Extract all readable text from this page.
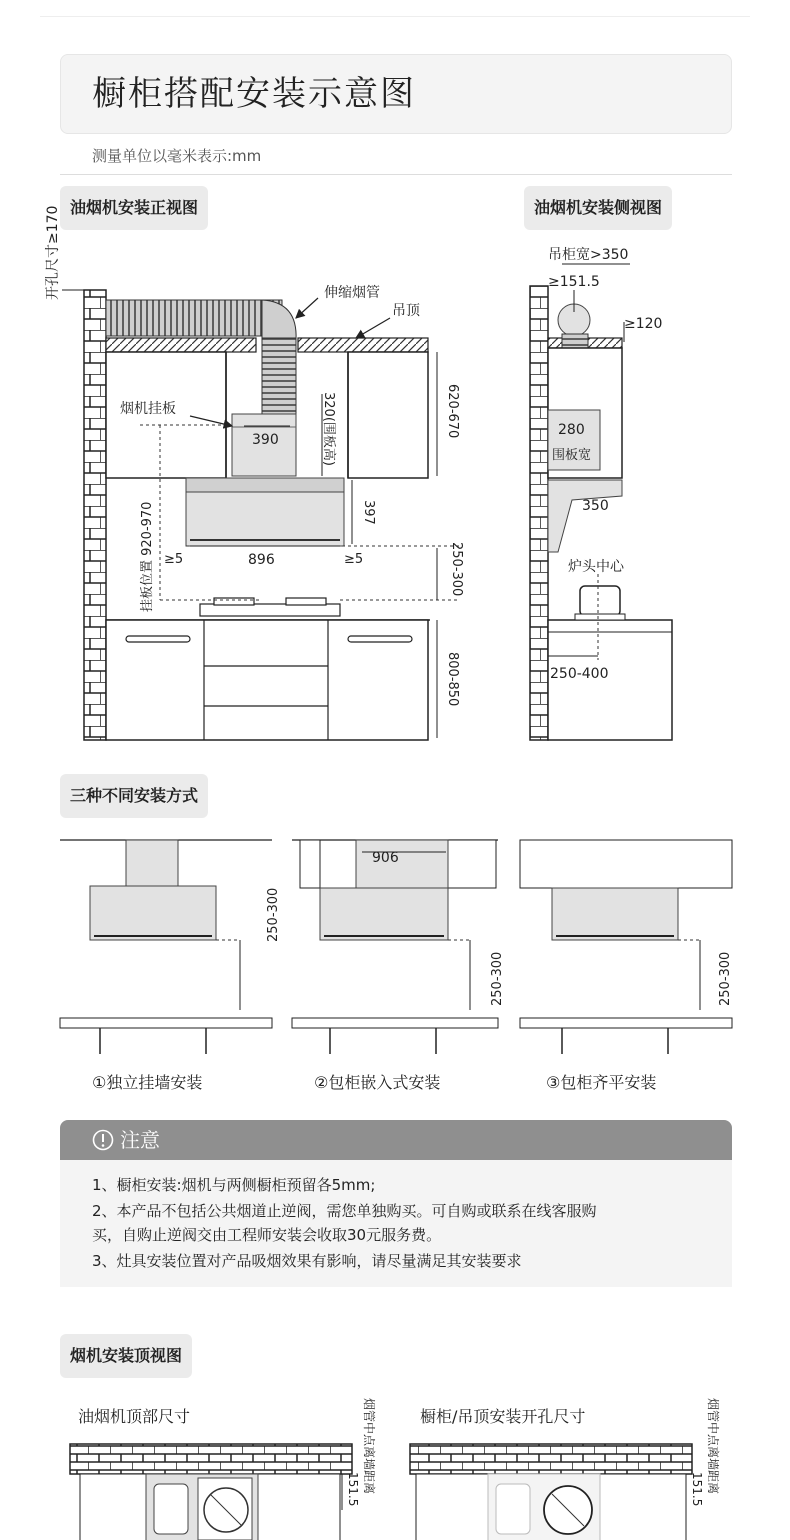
橱柜搭配安装示意图
测量单位以毫米表示:mm
油烟机安装正视图	油烟机安装侧视图
三种不同安装方式
烟机安装顶视图
开孔尺寸≥170	伸缩烟管
吊顶
烟机挂板
390	320(围板高)	620-670
397
挂板位置 920-970 ≥5	896	≥5	250-300
800-850
吊柜宽>350
≥151.5
≥120
280
围板宽
350
炉头中心
250-400
906
250-300
250-300	250-300
①独立挂墙安装	②包柜嵌入式安装	③包柜齐平安装
注意
1、橱柜安装:烟机与两侧橱柜预留各5mm;
2、本产品不包括公共烟道止逆阀，需您单独购买。可自购或联系在线客服购
买，自购止逆阀交由工程师安装会收取30元服务费。
3、灶具安装位置对产品吸烟效果有影响，请尽量满足其安装要求
油烟机顶部尺寸	橱柜/吊顶安装开孔尺寸
烟管中点离墙距离
151.5	烟管中点离墙距离
151.5
